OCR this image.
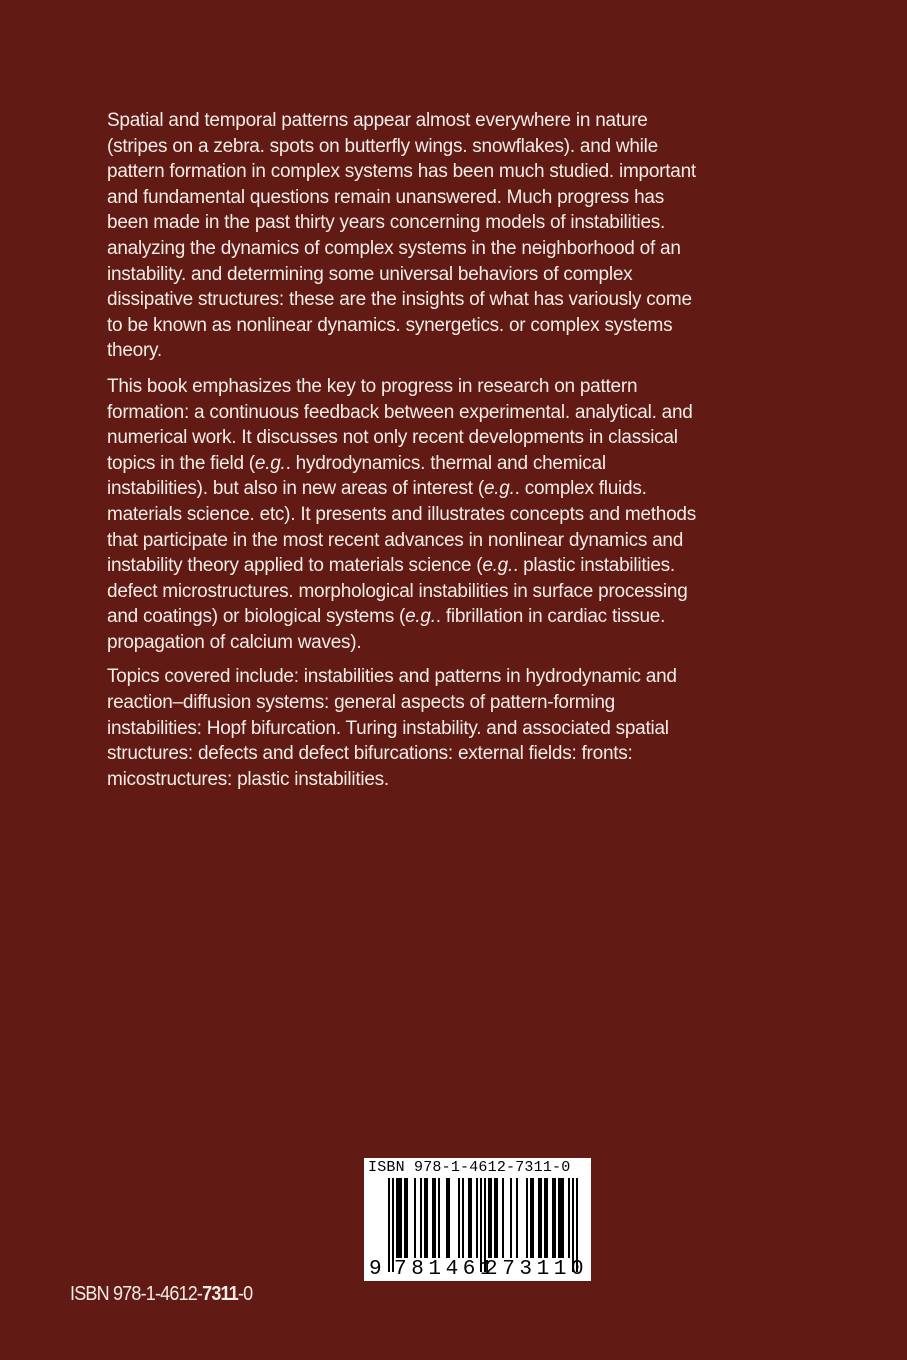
Spatial and temporal patterns appear almost everywhere in nature (stripes on a zebra. spots on butterfly wings. snowflakes). and while pattern formation in complex systems has been much studied. important and fundamental questions remain unanswered. Much progress has been made in the past thirty years concerning models of instabilities. analyzing the dynamics of complex systems in the neighborhood of an instability. and determining some universal behaviors of complex dissipative structures: these are the insights of what has variously come to be known as nonlinear dynamics. synergetics. or complex systems theory.

This book emphasizes the key to progress in research on pattern formation: a continuous feedback between experimental. analytical. and numerical work. It discusses not only recent developments in classical topics in the field (e.g.. hydrodynamics. thermal and chemical instabilities). but also in new areas of interest (e.g.. complex fluids. materials science. etc). It presents and illustrates concepts and methods that participate in the most recent advances in nonlinear dynamics and instability theory applied to materials science (e.g.. plastic instabilities. defect microstructures. morphological instabilities in surface processing and coatings) or biological systems (e.g.. fibrillation in cardiac tissue. propagation of calcium waves).

Topics covered include: instabilities and patterns in hydrodynamic and reaction–diffusion systems: general aspects of pattern-forming instabilities: Hopf bifurcation. Turing instability. and associated spatial structures: defects and defect bifurcations: external fields: fronts: micostructures: plastic instabilities.

ISBN 978-1-4612-7311-0
9 781461
273110
ISBN 978-1-4612-7311-0
